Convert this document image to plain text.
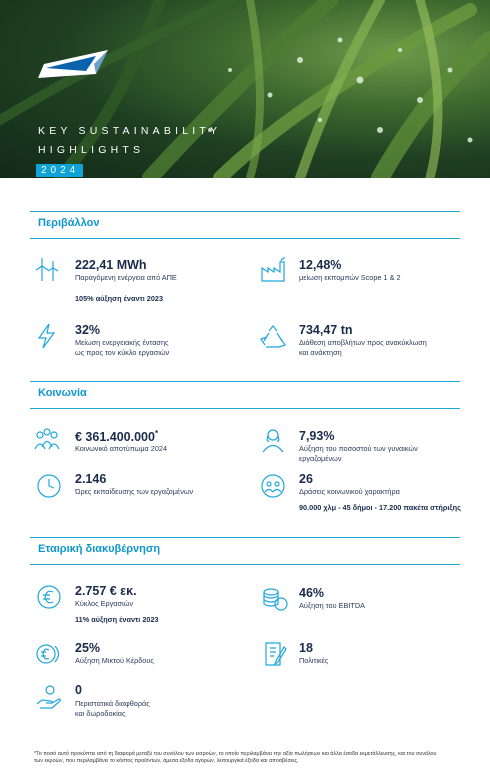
KEY SUSTAINABILITY
HIGHLIGHTS
2024
Περιβάλλον
222,41 MWh
Παραγόμενη ενέργεια από ΑΠΕ
105% αύξηση έναντι 2023
12,48%
μείωση εκπομπών Scope 1 & 2
32%
Μείωση ενεργειακής έντασης
ως προς τον κύκλο εργασιών
734,47 tn
Διάθεση αποβλήτων προς ανακύκλωση
και ανάκτηση
Κοινωνία
€ 361.400.000*
Κοινωνικό αποτύπωμα 2024
7,93%
Αύξηση του ποσοστού των γυναικών
εργαζομένων
2.146
Ώρες εκπαίδευσης των εργαζομένων
26
Δράσεις κοινωνικού χαρακτήρα
90.000 χλμ - 45 δήμοι - 17.200 πακέτα στήριξης
Εταιρική διακυβέρνηση
2.757 € εκ.
Κύκλος Εργασιών
11% αύξηση έναντι 2023
46%
Αύξηση του EBITDA
25%
Αύξηση Μικτού Κέρδους
18
Πολιτικές
0
Περιστατικά διαφθοράς
και δωροδοκίας
*Το ποσό αυτό προκύπτει από τη διαφορά μεταξύ του συνόλου των εισροών, το οποίο περιλαμβάνει την αξία πωλήσεων και άλλα έσοδα εκμετάλλευσης, και του συνόλου
των εκροών, που περιλαμβάνει το κόστος προϊόντων, άμεσα έξοδα αγορών, λειτουργικά έξοδα και αποσβέσεις.
